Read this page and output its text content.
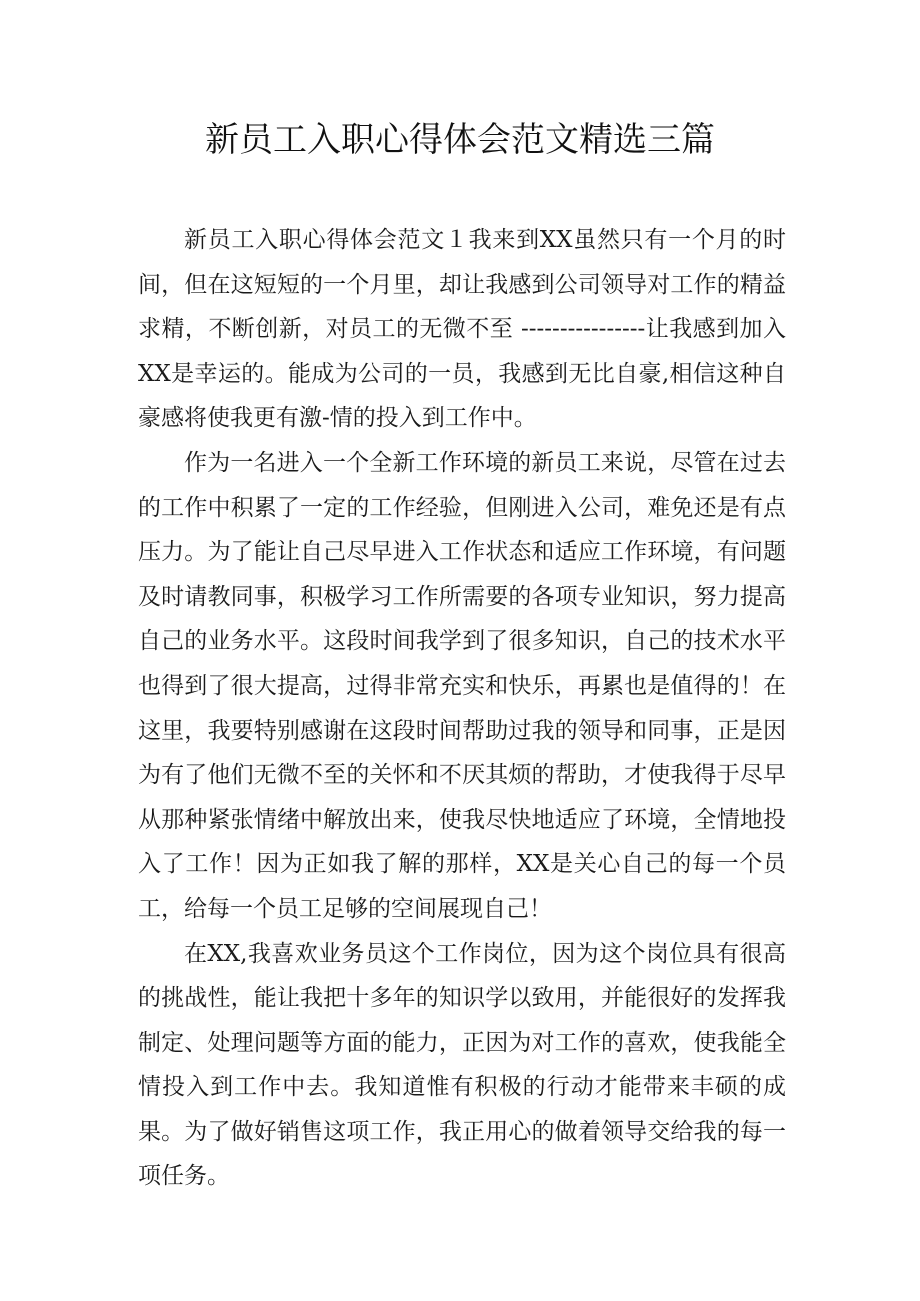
新员工入职心得体会范文精选三篇

新员工入职心得体会范文１我来到XX虽然只有一个月的时间，但在这短短的一个月里，却让我感到公司领导对工作的精益求精，不断创新，对员工的无微不至 ----------------让我感到加入XX是幸运的。能成为公司的一员，我感到无比自豪,相信这种自豪感将使我更有激-情的投入到工作中。

作为一名进入一个全新工作环境的新员工来说，尽管在过去的工作中积累了一定的工作经验，但刚进入公司，难免还是有点压力。为了能让自己尽早进入工作状态和适应工作环境，有问题及时请教同事，积极学习工作所需要的各项专业知识，努力提高自己的业务水平。这段时间我学到了很多知识，自己的技术水平也得到了很大提高，过得非常充实和快乐，再累也是值得的！在这里，我要特别感谢在这段时间帮助过我的领导和同事，正是因为有了他们无微不至的关怀和不厌其烦的帮助，才使我得于尽早从那种紧张情绪中解放出来，使我尽快地适应了环境，全情地投入了工作！因为正如我了解的那样，XX是关心自己的每一个员工，给每一个员工足够的空间展现自己！

在XX,我喜欢业务员这个工作岗位，因为这个岗位具有很高的挑战性，能让我把十多年的知识学以致用，并能很好的发挥我制定、处理问题等方面的能力，正因为对工作的喜欢，使我能全情投入到工作中去。我知道惟有积极的行动才能带来丰硕的成果。为了做好销售这项工作，我正用心的做着领导交给我的每一项任务。
